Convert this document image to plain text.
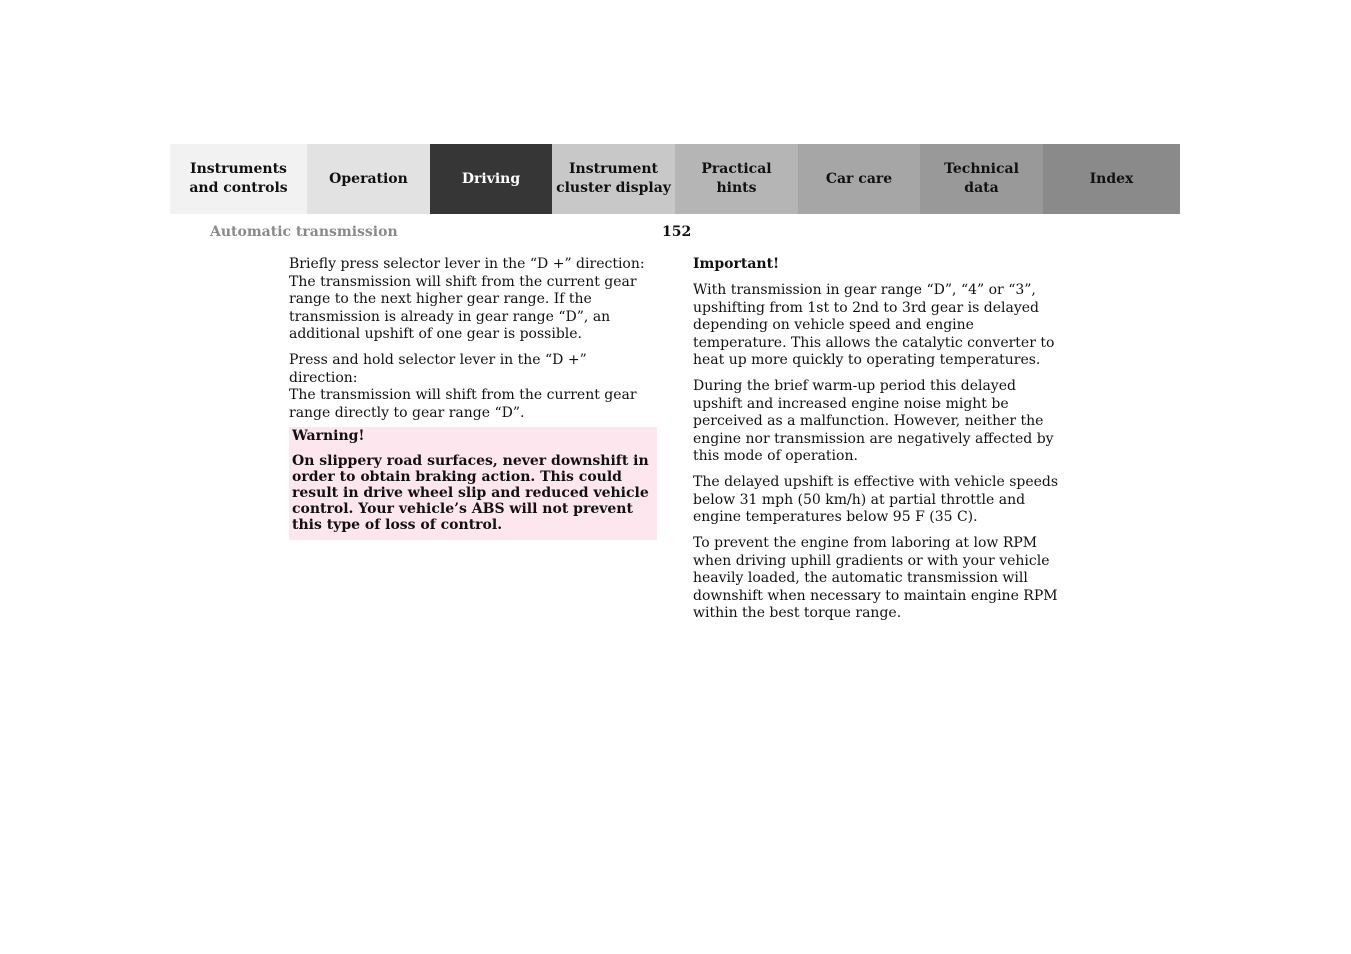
Instruments
and controls
Operation	Driving
Instrument
cluster display
Practical hints
Car care
Technical
data
Index
Automatic transmission	152

Briefly press selector lever in the “D +” direction:
The transmission will shift from the current gear range to the next higher gear range. If the transmission is already in gear range “D”, an additional upshift of one gear is possible.

Press and hold selector lever in the “D +” direction:
The transmission will shift from the current gear range directly to gear range “D”.

Warning!
On slippery road surfaces, never downshift in order to obtain braking action. This could result in drive wheel slip and reduced vehicle control. Your vehicle’s ABS will not prevent this type of loss of control.

Important!

With transmission in gear range “D”, “4” or “3”, upshifting from 1st to 2nd to 3rd gear is delayed depending on vehicle speed and engine temperature. This allows the catalytic converter to heat up more quickly to operating temperatures.

During the brief warm-up period this delayed upshift and increased engine noise might be perceived as a malfunction. However, neither the engine nor transmission are negatively affected by this mode of operation.

The delayed upshift is effective with vehicle speeds below 31 mph (50 km/h) at partial throttle and engine temperatures below 95 F (35 C).

To prevent the engine from laboring at low RPM when driving uphill gradients or with your vehicle heavily loaded, the automatic transmission will downshift when necessary to maintain engine RPM within the best torque range.
